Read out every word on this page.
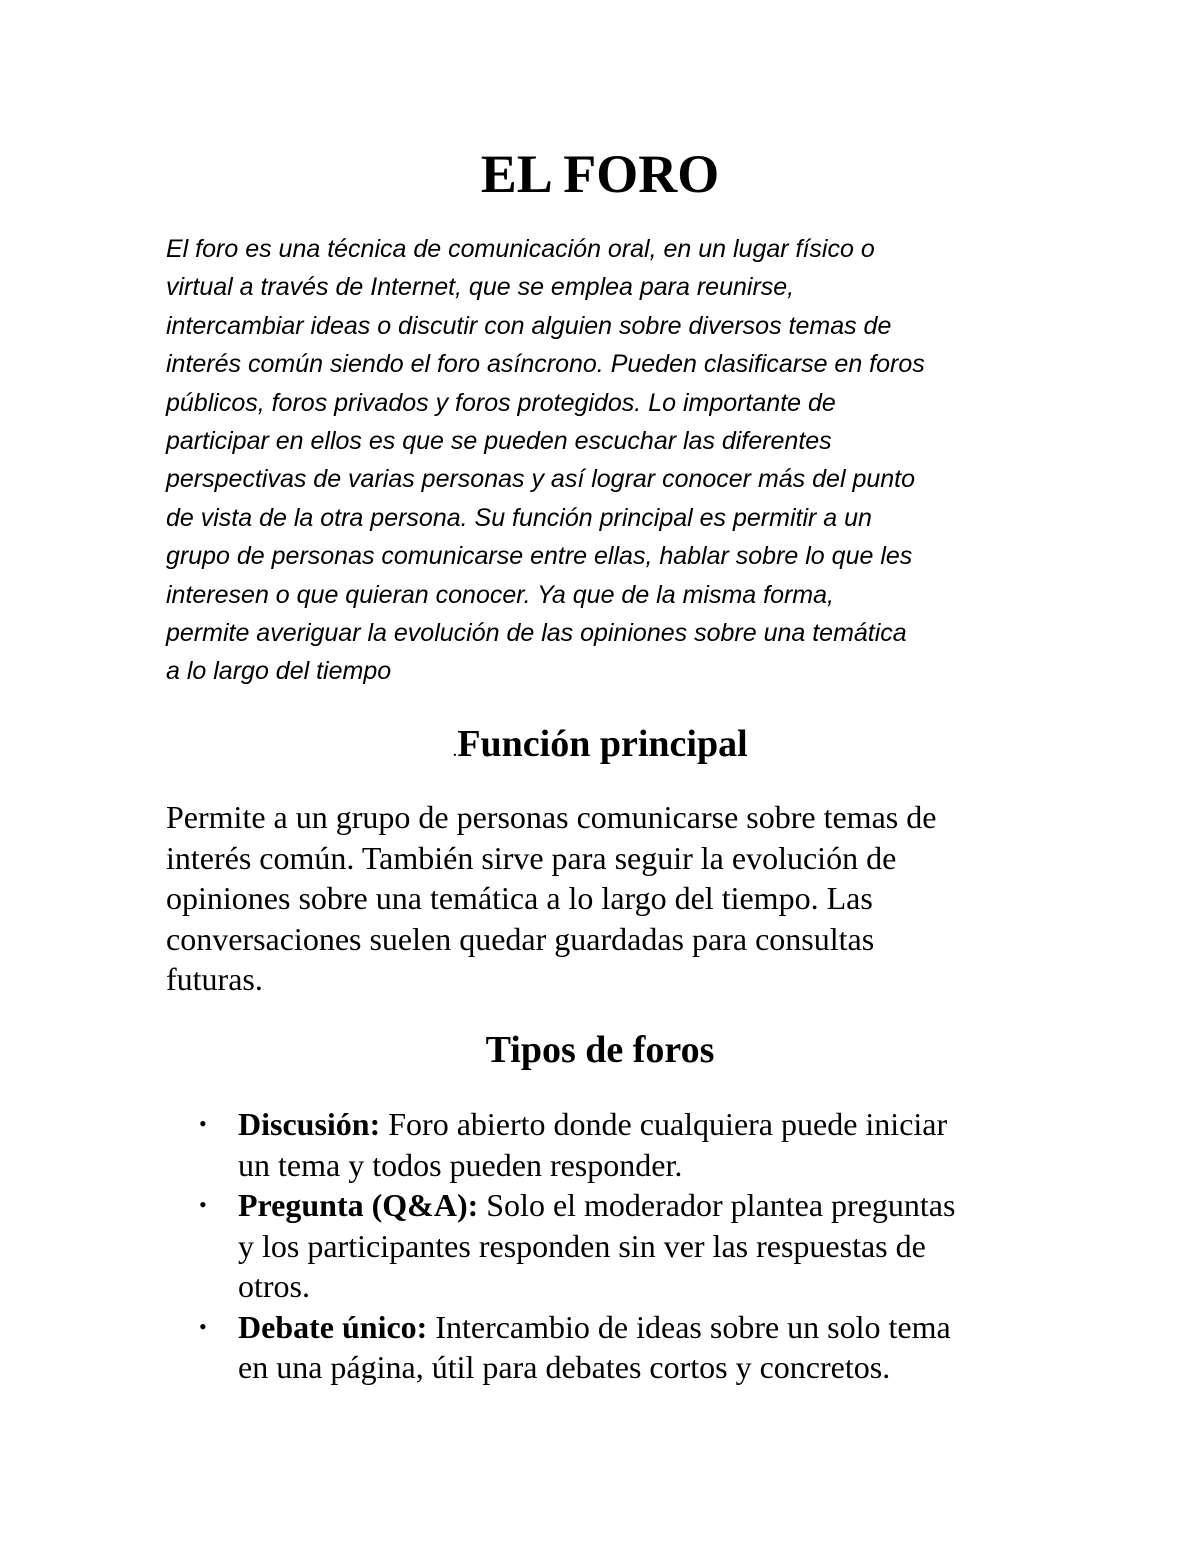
EL FORO

El foro es una técnica de comunicación oral, en un lugar físico o
virtual a través de Internet, que se emplea para reunirse,
intercambiar ideas o discutir con alguien sobre diversos temas de
interés común siendo el foro asíncrono. Pueden clasificarse en foros
públicos, foros privados y foros protegidos. Lo importante de
participar en ellos es que se pueden escuchar las diferentes
perspectivas de varias personas y así lograr conocer más del punto
de vista de la otra persona. Su función principal es permitir a un
grupo de personas comunicarse entre ellas, hablar sobre lo que les
interesen o que quieran conocer. Ya que de la misma forma,
permite averiguar la evolución de las opiniones sobre una temática
a lo largo del tiempo

.Función principal

Permite a un grupo de personas comunicarse sobre temas de
interés común. También sirve para seguir la evolución de
opiniones sobre una temática a lo largo del tiempo. Las
conversaciones suelen quedar guardadas para consultas
futuras.

Tipos de foros
• Discusión: Foro abierto donde cualquiera puede iniciar
un tema y todos pueden responder.
• Pregunta (Q&A): Solo el moderador plantea preguntas
y los participantes responden sin ver las respuestas de
otros.
• Debate único: Intercambio de ideas sobre un solo tema
en una página, útil para debates cortos y concretos.
